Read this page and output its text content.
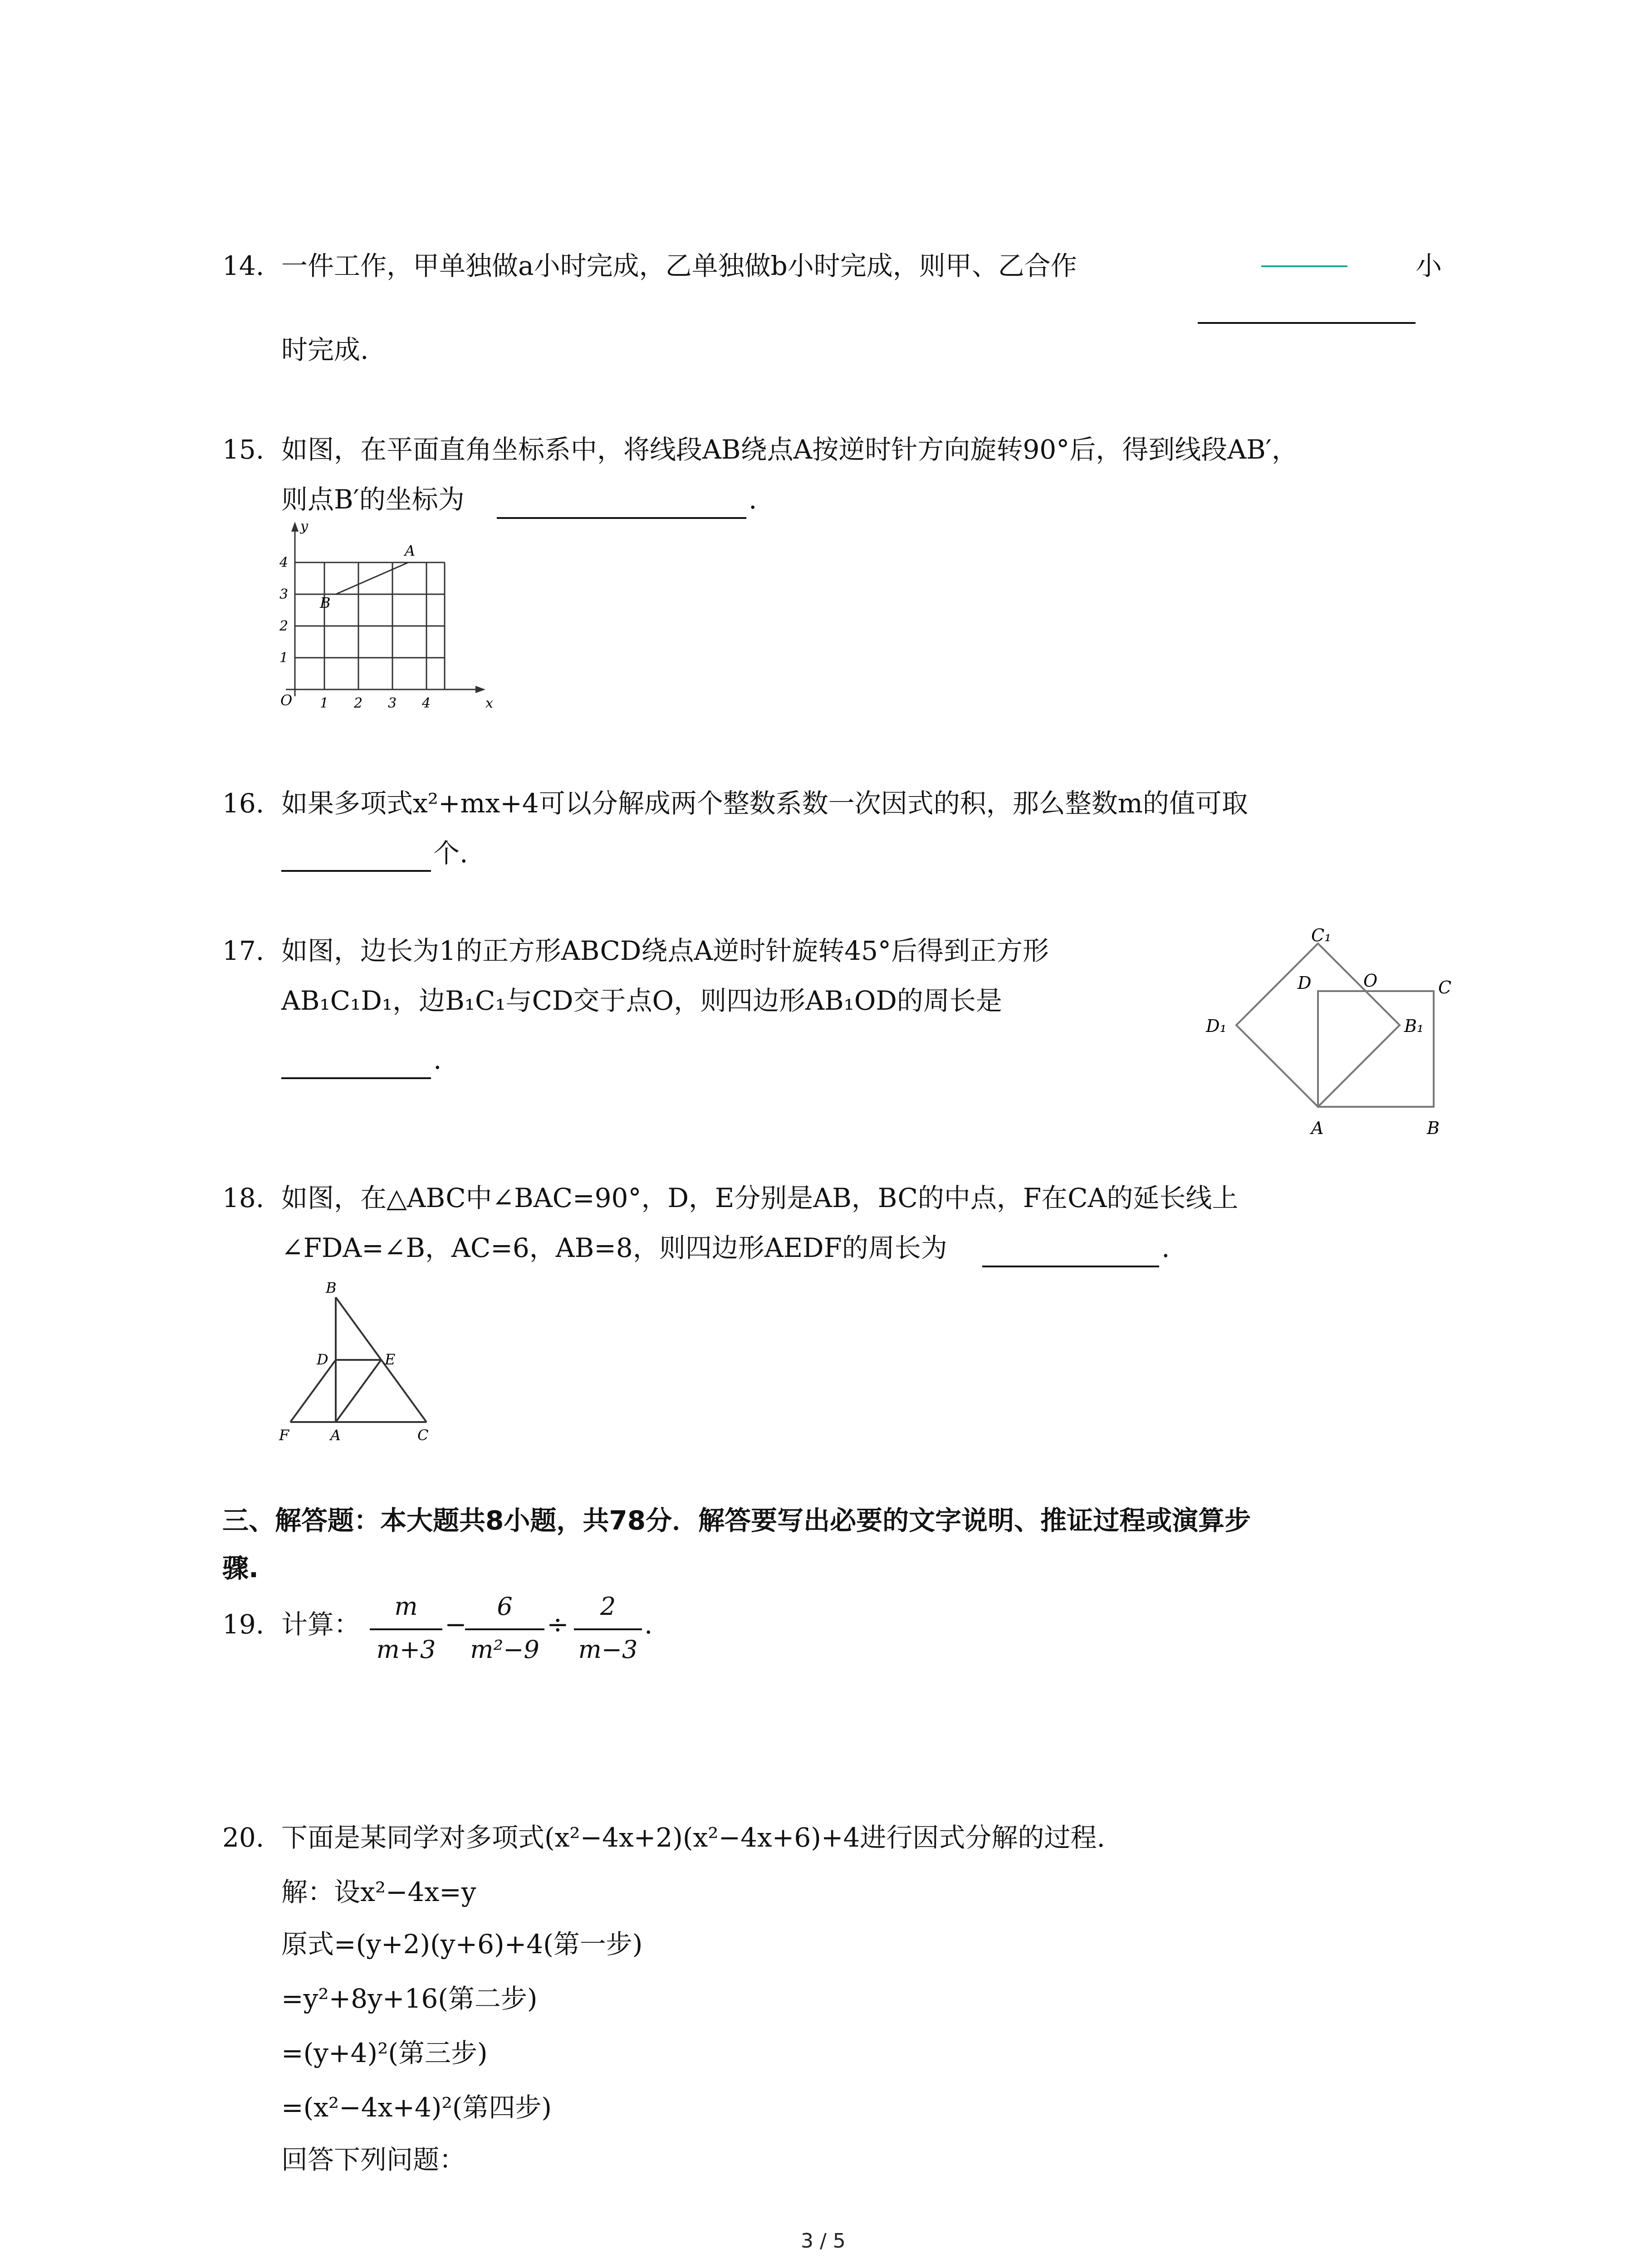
14. 一件工作，甲单独做a小时完成，乙单独做b小时完成，则甲、乙合作	小
时完成.
15. 如图，在平面直角坐标系中，将线段AB绕点A按逆时针方向旋转90°后，得到线段AB′，
则点B′的坐标为	.
y
x
O 1 2 3 4
1
2
3
4
A
B
16. 如果多项式x²+mx+4可以分解成两个整数系数一次因式的积，那么整数m的值可取
个.
17. 如图，边长为1的正方形ABCD绕点A逆时针旋转45°后得到正方形
AB₁C₁D₁，边B₁C₁与CD交于点O，则四边形AB₁OD的周长是
.
C₁
D	O	C
D₁	B₁
A	B
18. 如图，在△ABC中∠BAC=90°，D，E分别是AB，BC的中点，F在CA的延长线上
∠FDA=∠B，AC=6，AB=8，则四边形AEDF的周长为	.
B
D	E
F	A	C
三、解答题：本大题共8小题，共78分．解答要写出必要的文字说明、推证过程或演算步
骤.
19. 计算：
m
m+3
−
6
m²−9
÷
2
m−3
.
20. 下面是某同学对多项式(x²−4x+2)(x²−4x+6)+4进行因式分解的过程.
解：设x²−4x=y
原式=(y+2)(y+6)+4(第一步)
=y²+8y+16(第二步)
=(y+4)²(第三步)
=(x²−4x+4)²(第四步)
回答下列问题：
3 / 5
